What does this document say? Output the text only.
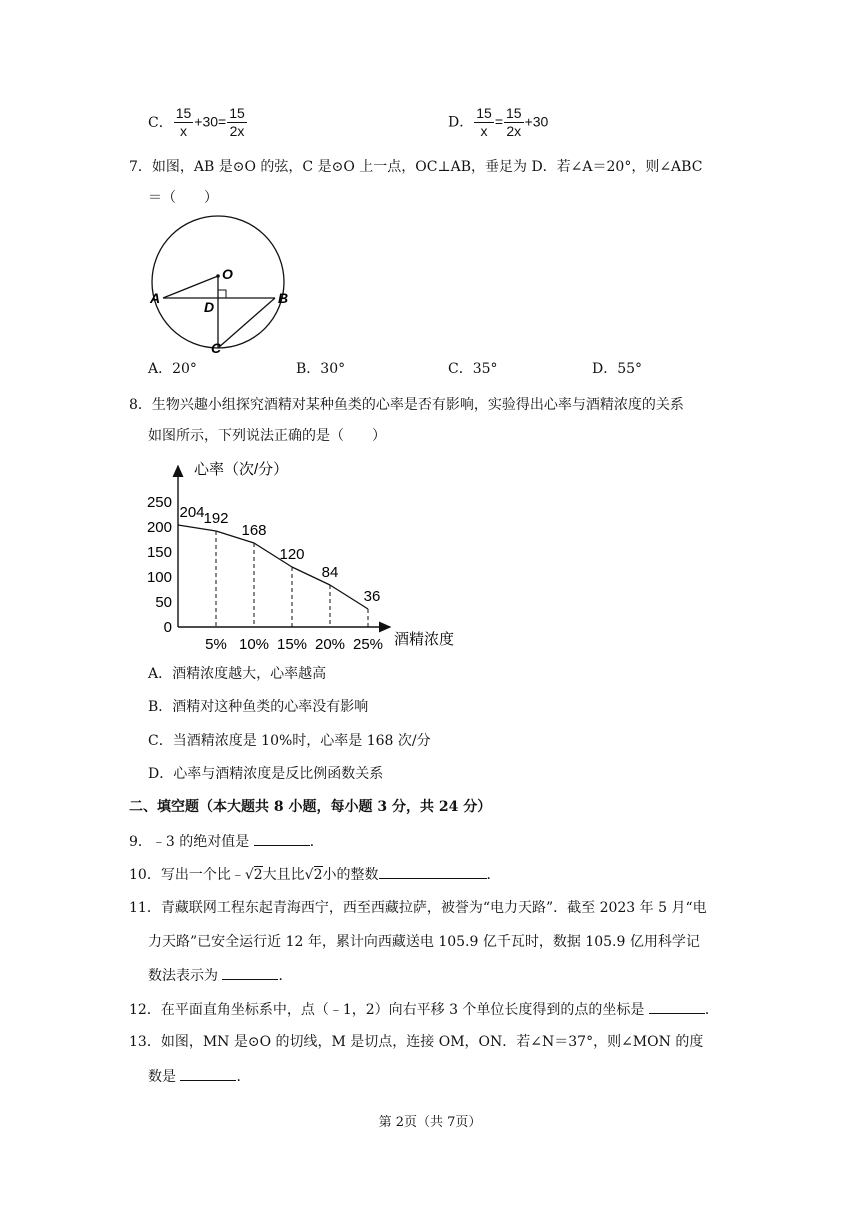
C． $\frac{15}{x} +30= \frac{15}{2x}$	D． $\frac{15}{x} = \frac{15}{2x} +30$
7．如图，AB 是⊙O 的弦，C 是⊙O 上一点，OC⊥AB，垂足为 D．若∠A＝20°，则∠ABC
＝（　　）
O
A	B
D
C
A．20°	B．30°	C．35°	D．55°
8．生物兴趣小组探究酒精对某种鱼类的心率是否有影响，实验得出心率与酒精浓度的关系
如图所示，下列说法正确的是（　　）
心率（次/分）
酒精浓度
0
50
100
150
200
250
5% 10% 15% 20% 25%
204
192
168
120
84
36
A．酒精浓度越大，心率越高
B．酒精对这种鱼类的心率没有影响
C．当酒精浓度是 10%时，心率是 168 次/分
D．心率与酒精浓度是反比例函数关系
二、填空题（本大题共 8 小题，每小题 3 分，共 24 分）
9．﹣3 的绝对值是	．
10．写出一个比﹣√2大且比√2小的整数	．
11．青藏联网工程东起青海西宁，西至西藏拉萨，被誉为“电力天路”．截至 2023 年 5 月“电
力天路”已安全运行近 12 年，累计向西藏送电 105.9 亿千瓦时，数据 105.9 亿用科学记
数法表示为	．
12．在平面直角坐标系中，点（﹣1，2）向右平移 3 个单位长度得到的点的坐标是	．
13．如图，MN 是⊙O 的切线，M 是切点，连接 OM，ON．若∠N＝37°，则∠MON 的度
数是	．
第 2页（共 7页）
